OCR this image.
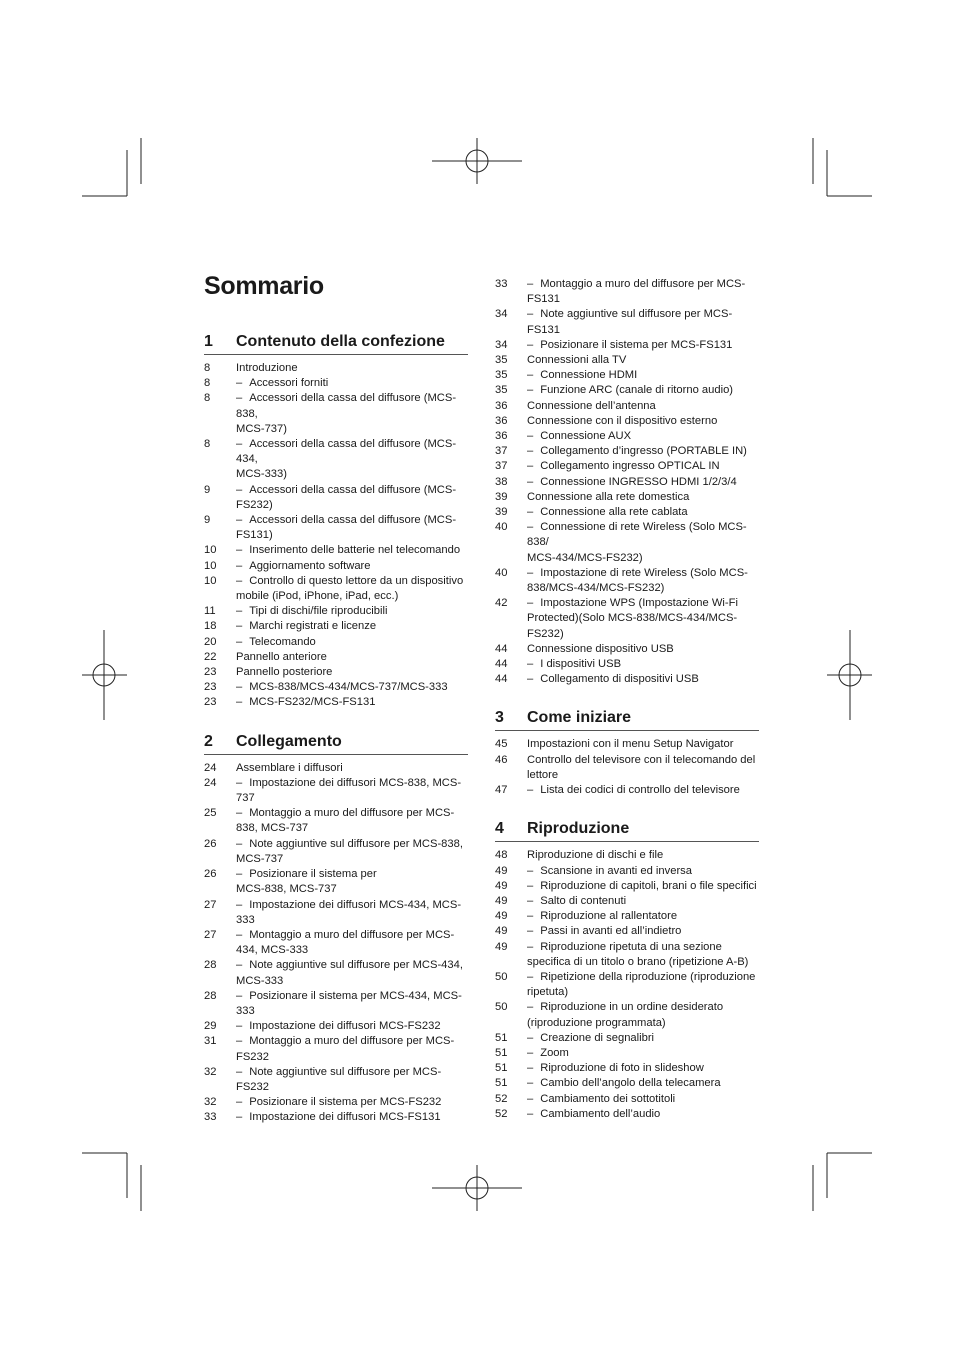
Sommario
1	Contenuto della confezione
8	Introduzione
8	– Accessori forniti
8	– Accessori della cassa del diffusore (MCS-838,
MCS-737)
8	– Accessori della cassa del diffusore (MCS-434,
MCS-333)
9	– Accessori della cassa del diffusore (MCS-
FS232)
9	– Accessori della cassa del diffusore (MCS-
FS131)
10	– Inserimento delle batterie nel telecomando
10	– Aggiornamento software
10	– Controllo di questo lettore da un dispositivo
mobile (iPod, iPhone, iPad, ecc.)
11	– Tipi di dischi/file riproducibili
18	– Marchi registrati e licenze
20	– Telecomando
22	Pannello anteriore
23	Pannello posteriore
23	– MCS-838/MCS-434/MCS-737/MCS-333
23	– MCS-FS232/MCS-FS131
2	Collegamento
24	Assemblare i diffusori
24	– Impostazione dei diffusori MCS-838, MCS-
737
25	– Montaggio a muro del diffusore per MCS-
838, MCS-737
26	– Note aggiuntive sul diffusore per MCS-838,
MCS-737
26	– Posizionare il sistema per
MCS-838, MCS-737
27	– Impostazione dei diffusori MCS-434, MCS-
333
27	– Montaggio a muro del diffusore per MCS-
434, MCS-333
28	– Note aggiuntive sul diffusore per MCS-434,
MCS-333
28	– Posizionare il sistema per MCS-434, MCS-
333
29	– Impostazione dei diffusori MCS-FS232
31	– Montaggio a muro del diffusore per MCS-
FS232
32	– Note aggiuntive sul diffusore per MCS-
FS232
32	– Posizionare il sistema per MCS-FS232
33	– Impostazione dei diffusori MCS-FS131
33	– Montaggio a muro del diffusore per MCS-
FS131
34	– Note aggiuntive sul diffusore per MCS-
FS131
34	– Posizionare il sistema per MCS-FS131
35	Connessioni alla TV
35	– Connessione HDMI
35	– Funzione ARC (canale di ritorno audio)
36	Connessione dell’antenna
36	Connessione con il dispositivo esterno
36	– Connessione AUX
37	– Collegamento d’ingresso (PORTABLE IN)
37	– Collegamento ingresso OPTICAL IN
38	– Connessione INGRESSO HDMI 1/2/3/4
39	Connessione alla rete domestica
39	– Connessione alla rete cablata
40	– Connessione di rete Wireless (Solo MCS-838/
MCS-434/MCS-FS232)
40	– Impostazione di rete Wireless (Solo MCS-
838/MCS-434/MCS-FS232)
42	– Impostazione WPS (Impostazione Wi-Fi
Protected)(Solo MCS-838/MCS-434/MCS-
FS232)
44	Connessione dispositivo USB
44	– I dispositivi USB
44	– Collegamento di dispositivi USB
3	Come iniziare
45	Impostazioni con il menu Setup Navigator
46	Controllo del televisore con il telecomando del
lettore
47	– Lista dei codici di controllo del televisore
4	Riproduzione
48	Riproduzione di dischi e file
49	– Scansione in avanti ed inversa
49	– Riproduzione di capitoli, brani o file specifici
49	– Salto di contenuti
49	– Riproduzione al rallentatore
49	– Passi in avanti ed all’indietro
49	– Riproduzione ripetuta di una sezione
specifica di un titolo o brano (ripetizione A-B)
50	– Ripetizione della riproduzione (riproduzione
ripetuta)
50	– Riproduzione in un ordine desiderato
(riproduzione programmata)
51	– Creazione di segnalibri
51	– Zoom
51	– Riproduzione di foto in slideshow
51	– Cambio dell’angolo della telecamera
52	– Cambiamento dei sottotitoli
52	– Cambiamento dell’audio
